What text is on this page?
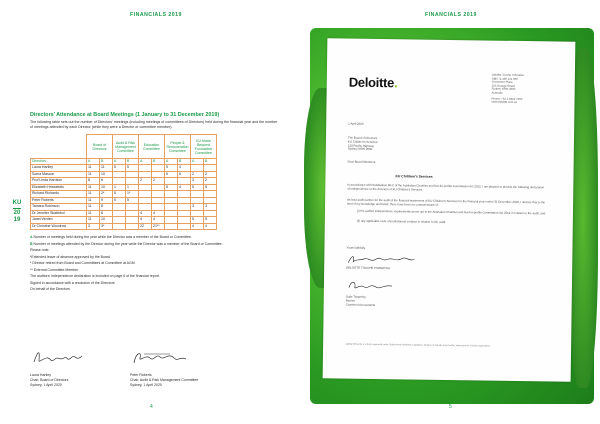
FINANCIALS 2019
KU
20
19
Directors’ Attendance at Board Meetings (1 January to 31 December 2019)
The following table sets out the number of Directors’ meetings (including meetings of committees of Directors) held during the financial year and the number of meetings attended by each Director (while they were a Director or committee member).
	Board of Directors		Audit & Risk Management Committee		Education Committee		People & Remuneration Committee		KU Marie Bequest Foundation Committee	
Directors	A	B	A	B	A	B	A	B	A	B
Laura Hartley	11	11	5	5			5	4		
Soma Mascon	11	10					5	5	2	2
Prof Linda Harrison	8	6			2	2			3	2
Elizabeth Hristofedis	11	10	1	1			5	4	5	5
Richard Richards	11	2*	5	1*						
Peter Roberts	11	9	5	5						
Tamara Robinson	11	8							3	3
Dr Jennifer Skattebol	11	6			4	4				
Janet Verden	11	10			4	4			5	5
Dr Christine Woodrow	3	3*			22	21**			4	4

A Number of meetings held during the year while the Director was a member of the Board or Committee.

B Number of meetings attended by the Director during the year while the Director was a member of the Board or Committee.

Please note:

*Extended leave of absence approved by the Board

* Director retired from Board and Committees at Committee at AGM

** External Committee Member

The auditors’ independence declaration is included on page 6 of the financial report.

Signed in accordance with a resolution of the Directors

On behalf of the Directors

Laura Hartley

Chair, Board of Directors

Sydney, 1 April 2020

Peter Roberts

Chair, Audit & Risk Management Committee

Sydney, 1 April 2020

4
FINANCIALS 2019
Deloitte.
Deloitte Touche Tohmatsu
ABN 74 490 121 060
Grosvenor Place
225 George Street
Sydney NSW 2000
Australia
Phone: +61 2 9322 7000
www.deloitte.com.au
1 April 2020
The Board of Directors
KU Children's Services
129 Pacific Highway
Sydney NSW 2000
Dear Board Members
KU Children's Services
In accordance with Subdivision 60-C of the Australian Charities and Not-for-profits Commission Act 2012, I am pleased to provide the following declaration of independence to the directors of KU Children's Services.
As lead audit partner for the audit of the financial statements of KU Children's Services for the financial year ended 31 December 2019, I declare that to the best of my knowledge and belief, there have been no contraventions of:
(i) the auditor independence requirements as set out in the Australian Charities and Not-for-profits Commission Act 2012 in relation to the audit; and
(ii) any applicable code of professional conduct in relation to the audit.
Yours faithfully
DELOITTE TOUCHE TOHMATSU
Gaile Timperley
Partner
Chartered Accountants
Liability limited by a scheme approved under Professional Standards Legislation. Member of Deloitte Asia Pacific Limited and the Deloitte organisation.
5
